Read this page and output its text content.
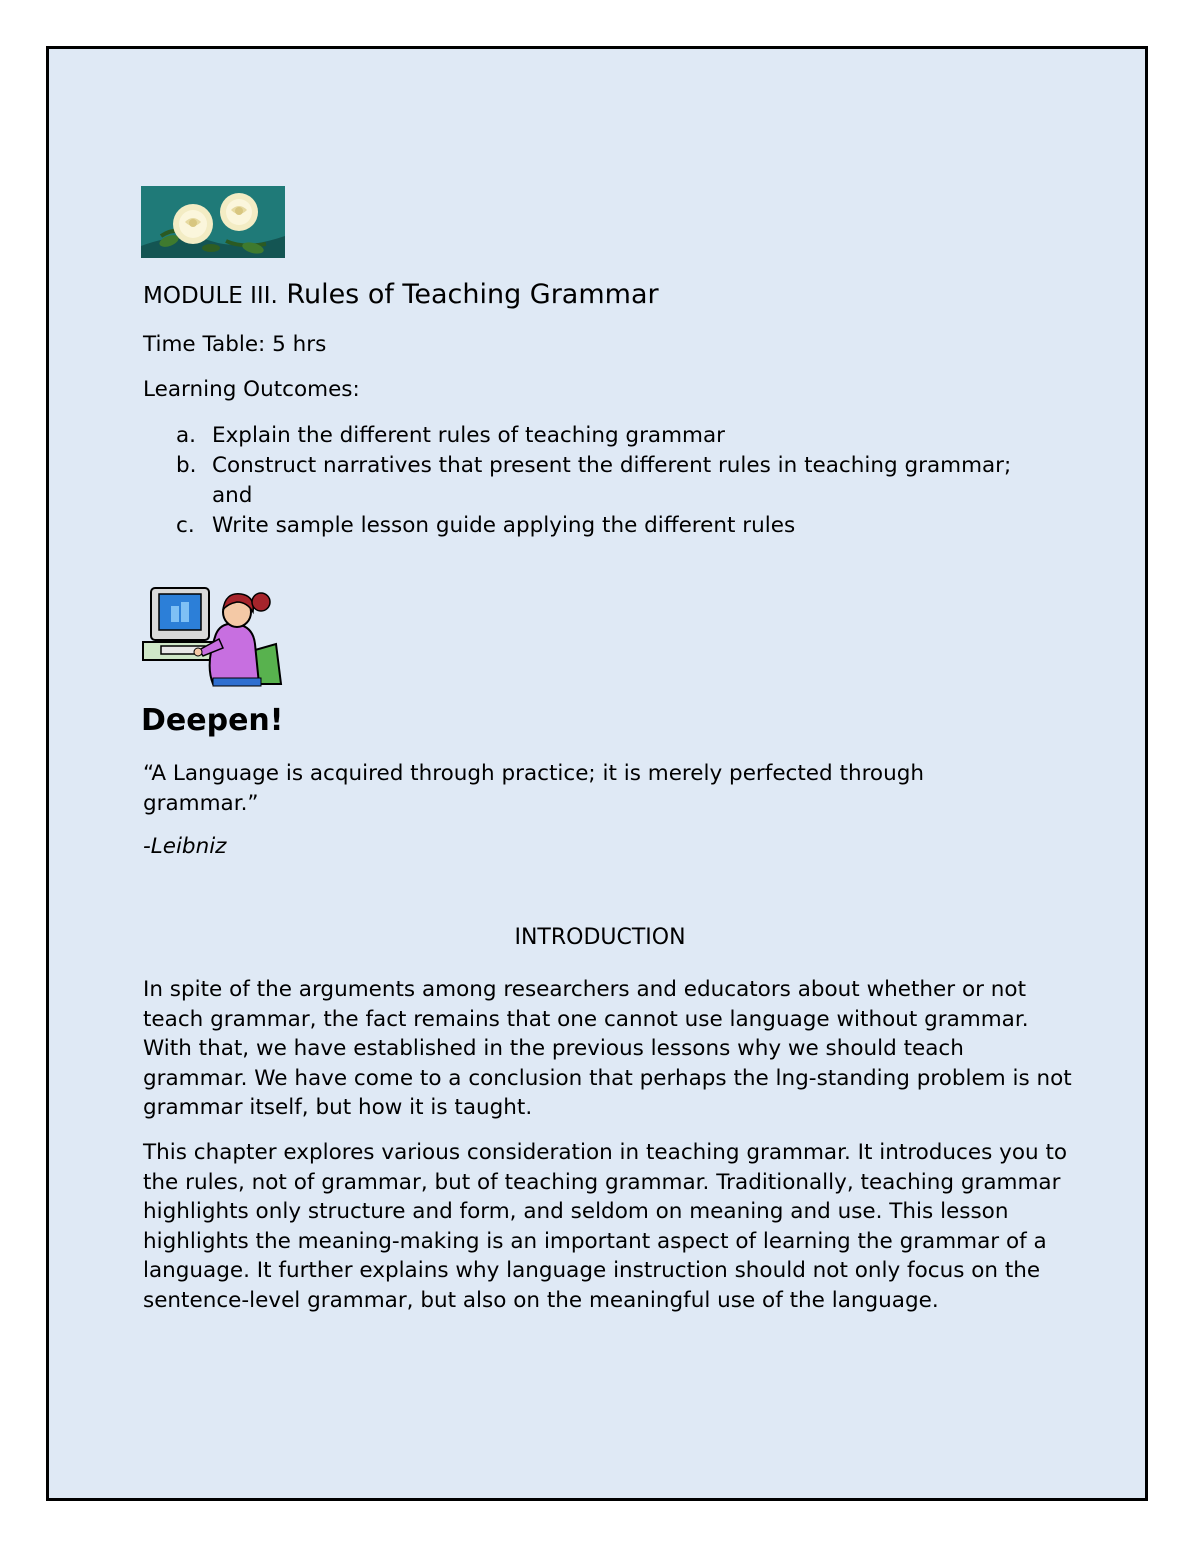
MODULE III. Rules of Teaching Grammar
Time Table: 5 hrs
Learning Outcomes:
a. Explain the different rules of teaching grammar
b. Construct narratives that present the different rules in teaching grammar; and
c. Write sample lesson guide applying the different rules
Deepen!
“A Language is acquired through practice; it is merely perfected through grammar.”
-Leibniz
INTRODUCTION
In spite of the arguments among researchers and educators about whether or not teach grammar, the fact remains that one cannot use language without grammar. With that, we have established in the previous lessons why we should teach grammar. We have come to a conclusion that perhaps the lng-standing problem is not grammar itself, but how it is taught.
This chapter explores various consideration in teaching grammar. It introduces you to the rules, not of grammar, but of teaching grammar. Traditionally, teaching grammar highlights only structure and form, and seldom on meaning and use. This lesson highlights the meaning-making is an important aspect of learning the grammar of a language. It further explains why language instruction should not only focus on the sentence-level grammar, but also on the meaningful use of the language.
